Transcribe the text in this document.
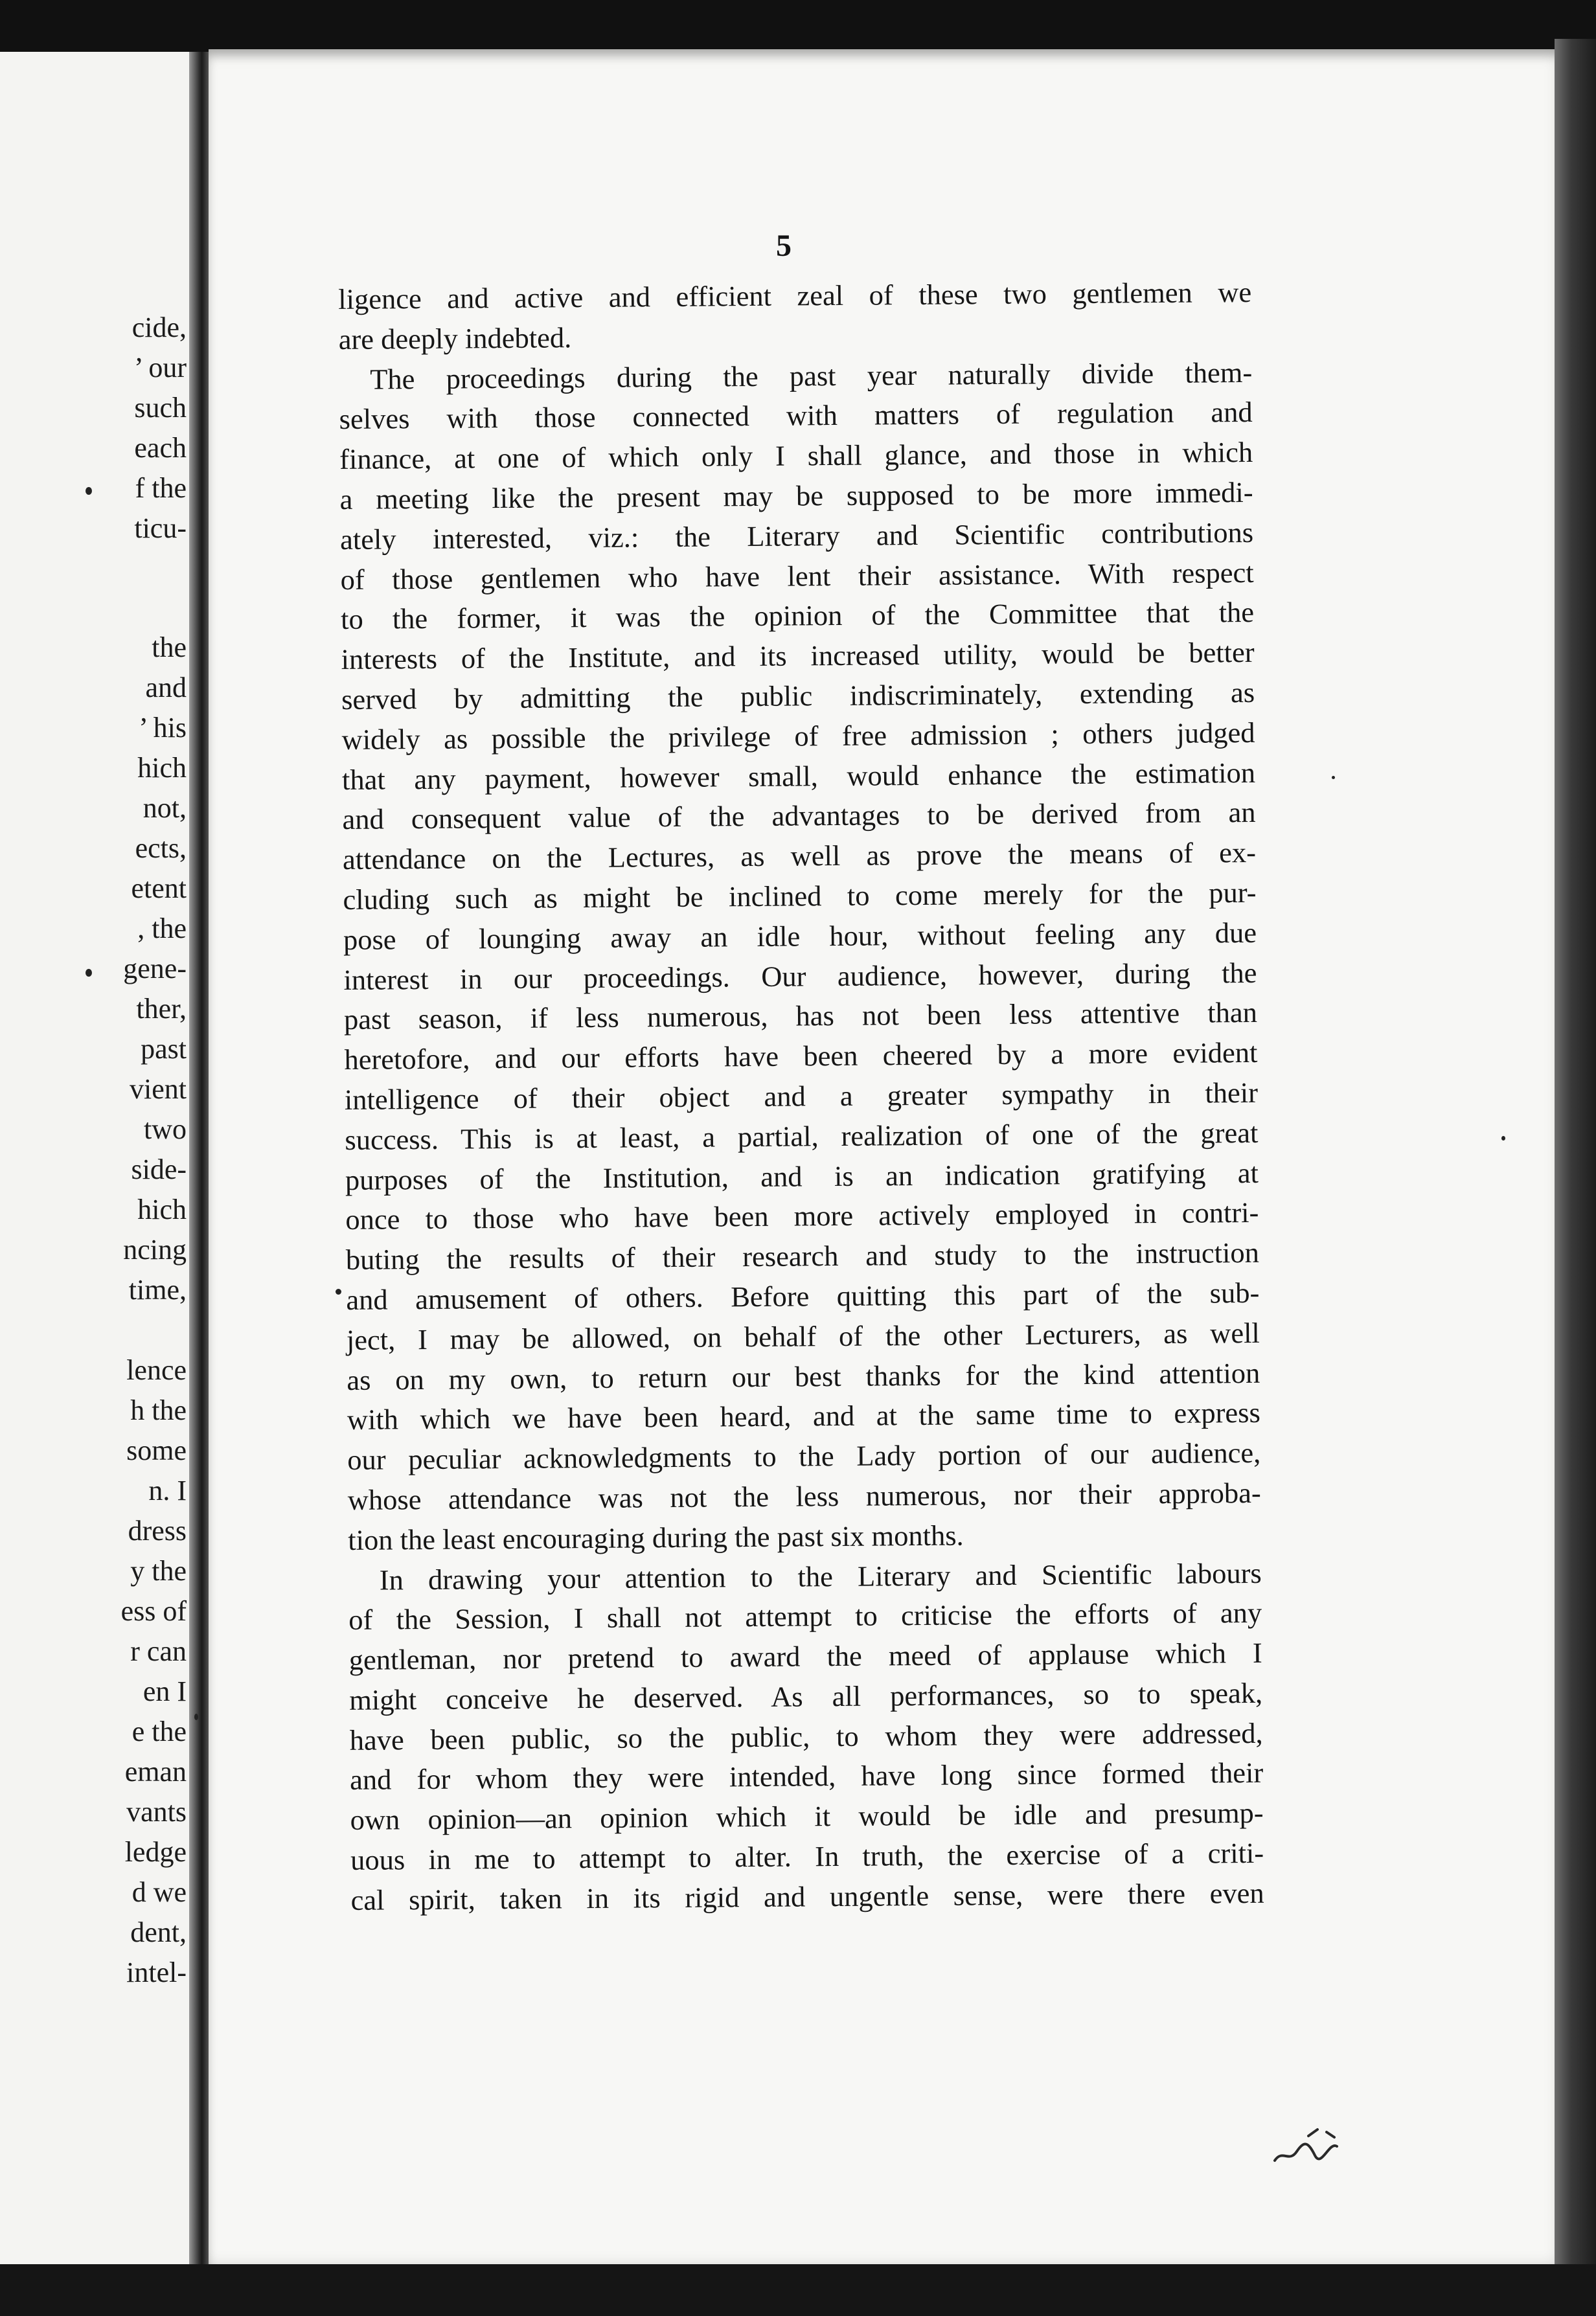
cide,
’ our
such
each
f the
ticu-
the
and
’ his
hich
not,
ects,
etent
, the
gene-
ther,
past
vient
two
side-
hich
ncing
time,
lence
h the
some
n. I
dress
y the
ess of
r can
en I
e the
eman
vants
ledge
d we
dent,
intel-
5
ligence and active and efficient zeal of these two gentlemen we
are deeply indebted.
The proceedings during the past year naturally divide them-
selves with those connected with matters of regulation and
finance, at one of which only I shall glance, and those in which
a meeting like the present may be supposed to be more immedi-
ately interested, viz.: the Literary and Scientific contributions
of those gentlemen who have lent their assistance. With respect
to the former, it was the opinion of the Committee that the
interests of the Institute, and its increased utility, would be better
served by admitting the public indiscriminately, extending as
widely as possible the privilege of free admission ; others judged
that any payment, however small, would enhance the estimation
and consequent value of the advantages to be derived from an
attendance on the Lectures, as well as prove the means of ex-
cluding such as might be inclined to come merely for the pur-
pose of lounging away an idle hour, without feeling any due
interest in our proceedings. Our audience, however, during the
past season, if less numerous, has not been less attentive than
heretofore, and our efforts have been cheered by a more evident
intelligence of their object and a greater sympathy in their
success. This is at least, a partial, realization of one of the great
purposes of the Institution, and is an indication gratifying at
once to those who have been more actively employed in contri-
buting the results of their research and study to the instruction
and amusement of others. Before quitting this part of the sub-
ject, I may be allowed, on behalf of the other Lecturers, as well
as on my own, to return our best thanks for the kind attention
with which we have been heard, and at the same time to express
our peculiar acknowledgments to the Lady portion of our audience,
whose attendance was not the less numerous, nor their approba-
tion the least encouraging during the past six months.
In drawing your attention to the Literary and Scientific labours
of the Session, I shall not attempt to criticise the efforts of any
gentleman, nor pretend to award the meed of applause which I
might conceive he deserved. As all performances, so to speak,
have been public, so the public, to whom they were addressed,
and for whom they were intended, have long since formed their
own opinion—an opinion which it would be idle and presump-
uous in me to attempt to alter. In truth, the exercise of a criti-
cal spirit, taken in its rigid and ungentle sense, were there even
